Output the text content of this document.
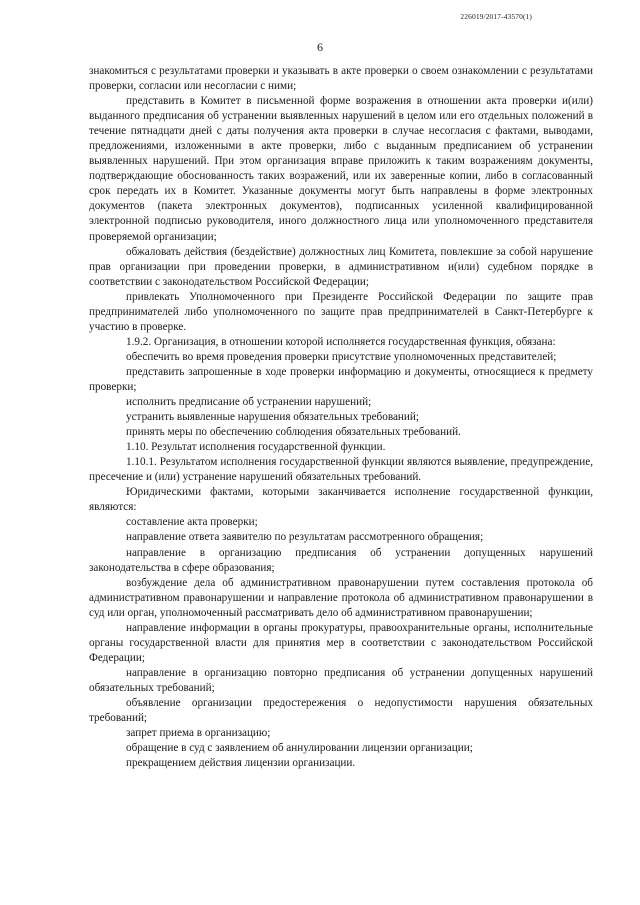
226019/2017-43570(1)
6

знакомиться с результатами проверки и указывать в акте проверки о своем ознакомлении с результатами проверки, согласии или несогласии с ними;

представить в Комитет в письменной форме возражения в отношении акта проверки и(или) выданного предписания об устранении выявленных нарушений в целом или его отдельных положений в течение пятнадцати дней с даты получения акта проверки в случае несогласия с фактами, выводами, предложениями, изложенными в акте проверки, либо с выданным предписанием об устранении выявленных нарушений. При этом организация вправе приложить к таким возражениям документы, подтверждающие обоснованность таких возражений, или их заверенные копии, либо в согласованный срок передать их в Комитет. Указанные документы могут быть направлены в форме электронных документов (пакета электронных документов), подписанных усиленной квалифицированной электронной подписью руководителя, иного должностного лица или уполномоченного представителя проверяемой организации;

обжаловать действия (бездействие) должностных лиц Комитета, повлекшие за собой нарушение прав организации при проведении проверки, в административном и(или) судебном порядке в соответствии с законодательством Российской Федерации;

привлекать Уполномоченного при Президенте Российской Федерации по защите прав предпринимателей либо уполномоченного по защите прав предпринимателей в Санкт-Петербурге к участию в проверке.

1.9.2. Организация, в отношении которой исполняется государственная функция, обязана:

обеспечить во время проведения проверки присутствие уполномоченных представителей;

представить запрошенные в ходе проверки информацию и документы, относящиеся к предмету проверки;

исполнить предписание об устранении нарушений;

устранить выявленные нарушения обязательных требований;

принять меры по обеспечению соблюдения обязательных требований.

1.10. Результат исполнения государственной функции.

1.10.1. Результатом исполнения государственной функции являются выявление, предупреждение, пресечение и (или) устранение нарушений обязательных требований.

Юридическими фактами, которыми заканчивается исполнение государственной функции, являются:

составление акта проверки;

направление ответа заявителю по результатам рассмотренного обращения;

направление в организацию предписания об устранении допущенных нарушений законодательства в сфере образования;

возбуждение дела об административном правонарушении путем составления протокола об административном правонарушении и направление протокола об административном правонарушении в суд или орган, уполномоченный рассматривать дело об административном правонарушении;

направление информации в органы прокуратуры, правоохранительные органы, исполнительные органы государственной власти для принятия мер в соответствии с законодательством Российской Федерации;

направление в организацию повторно предписания об устранении допущенных нарушений обязательных требований;

объявление организации предостережения о недопустимости нарушения обязательных требований;

запрет приема в организацию;

обращение в суд с заявлением об аннулировании лицензии организации;

прекращением действия лицензии организации.
